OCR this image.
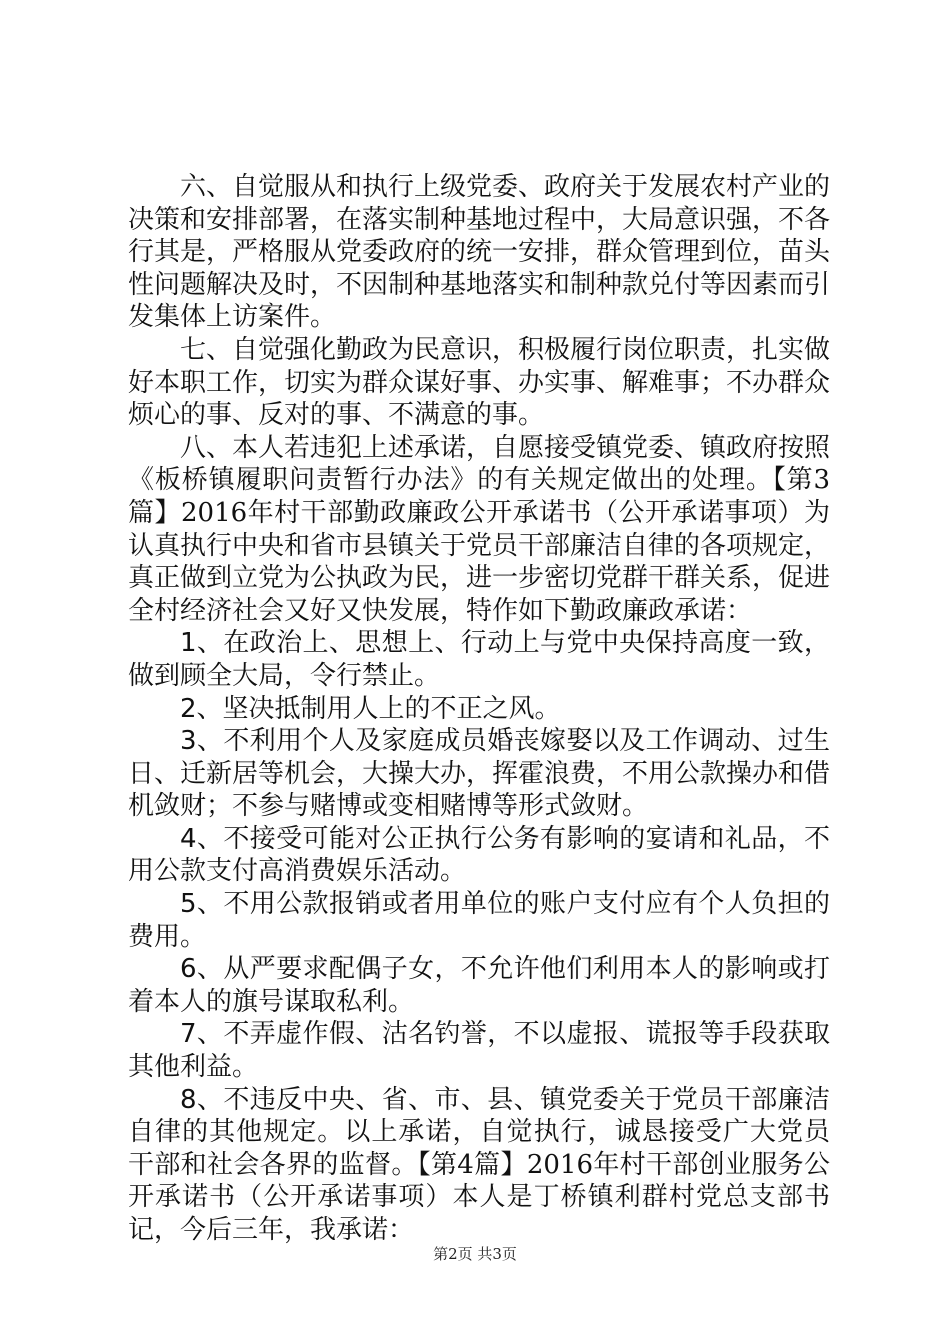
六、自觉服从和执行上级党委、政府关于发展农村产业的决策和安排部署，在落实制种基地过程中，大局意识强，不各行其是，严格服从党委政府的统一安排，群众管理到位，苗头性问题解决及时，不因制种基地落实和制种款兑付等因素而引发集体上访案件。

七、自觉强化勤政为民意识，积极履行岗位职责，扎实做好本职工作，切实为群众谋好事、办实事、解难事；不办群众烦心的事、反对的事、不满意的事。

八、本人若违犯上述承诺，自愿接受镇党委、镇政府按照《板桥镇履职问责暂行办法》的有关规定做出的处理。【第3篇】2016年村干部勤政廉政公开承诺书（公开承诺事项）为认真执行中央和省市县镇关于党员干部廉洁自律的各项规定，真正做到立党为公执政为民，进一步密切党群干群关系，促进全村经济社会又好又快发展，特作如下勤政廉政承诺：

1、在政治上、思想上、行动上与党中央保持高度一致，做到顾全大局，令行禁止。

2、坚决抵制用人上的不正之风。

3、不利用个人及家庭成员婚丧嫁娶以及工作调动、过生日、迁新居等机会，大操大办，挥霍浪费，不用公款操办和借机敛财；不参与赌博或变相赌博等形式敛财。

4、不接受可能对公正执行公务有影响的宴请和礼品，不用公款支付高消费娱乐活动。

5、不用公款报销或者用单位的账户支付应有个人负担的费用。

6、从严要求配偶子女，不允许他们利用本人的影响或打着本人的旗号谋取私利。

7、不弄虚作假、沽名钓誉，不以虚报、谎报等手段获取其他利益。

8、不违反中央、省、市、县、镇党委关于党员干部廉洁自律的其他规定。以上承诺，自觉执行，诚恳接受广大党员干部和社会各界的监督。【第4篇】2016年村干部创业服务公开承诺书（公开承诺事项）本人是丁桥镇利群村党总支部书记，今后三年，我承诺：

第2页 共3页
